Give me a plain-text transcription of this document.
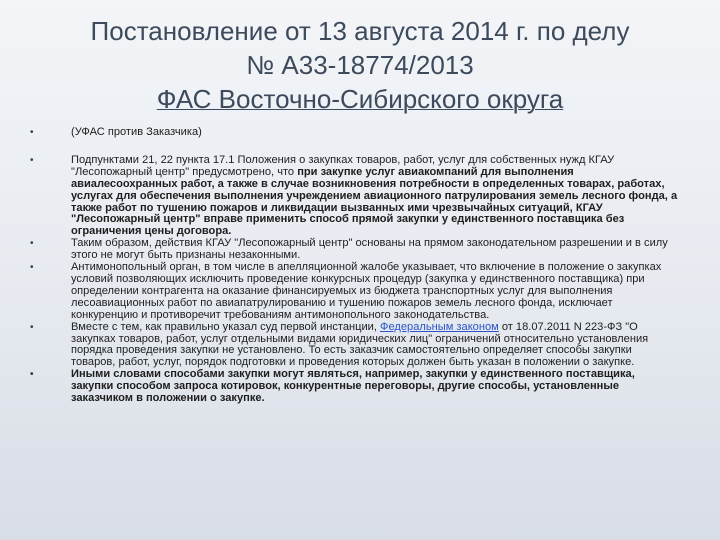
Постановление от 13 августа 2014 г. по делу
№ А33-18774/2013
ФАС Восточно-Сибирского округа
•	(УФАС против Заказчика)
•	Подпунктами 21, 22 пункта 17.1 Положения о закупках товаров, работ, услуг для собственных нужд КГАУ "Лесопожарный центр" предусмотрено, что при закупке услуг авиакомпаний для выполнения авиалесоохранных работ, а также в случае возникновения потребности в определенных товарах, работах, услугах для обеспечения выполнения учреждением авиационного патрулирования земель лесного фонда, а также работ по тушению пожаров и ликвидации вызванных ими чрезвычайных ситуаций, КГАУ "Лесопожарный центр" вправе применить способ прямой закупки у единственного поставщика без ограничения цены договора.
•	Таким образом, действия КГАУ "Лесопожарный центр" основаны на прямом законодательном разрешении и в силу этого не могут быть признаны незаконными.
•	Антимонопольный орган, в том числе в апелляционной жалобе указывает, что включение в положение о закупках условий позволяющих исключить проведение конкурсных процедур (закупка у единственного поставщика) при определении контрагента на оказание финансируемых из бюджета транспортных услуг для выполнения лесоавиационных работ по авиапатрулированию и тушению пожаров земель лесного фонда, исключает конкуренцию и противоречит требованиям антимонопольного законодательства.
•	Вместе с тем, как правильно указал суд первой инстанции, Федеральным законом от 18.07.2011 N 223-ФЗ "О закупках товаров, работ, услуг отдельными видами юридических лиц" ограничений относительно установления порядка проведения закупки не установлено. То есть заказчик самостоятельно определяет способы закупки товаров, работ, услуг, порядок подготовки и проведения которых должен быть указан в положении о закупке.
•	Иными словами способами закупки могут являться, например, закупки у единственного поставщика, закупки способом запроса котировок, конкурентные переговоры, другие способы, установленные заказчиком в положении о закупке.
